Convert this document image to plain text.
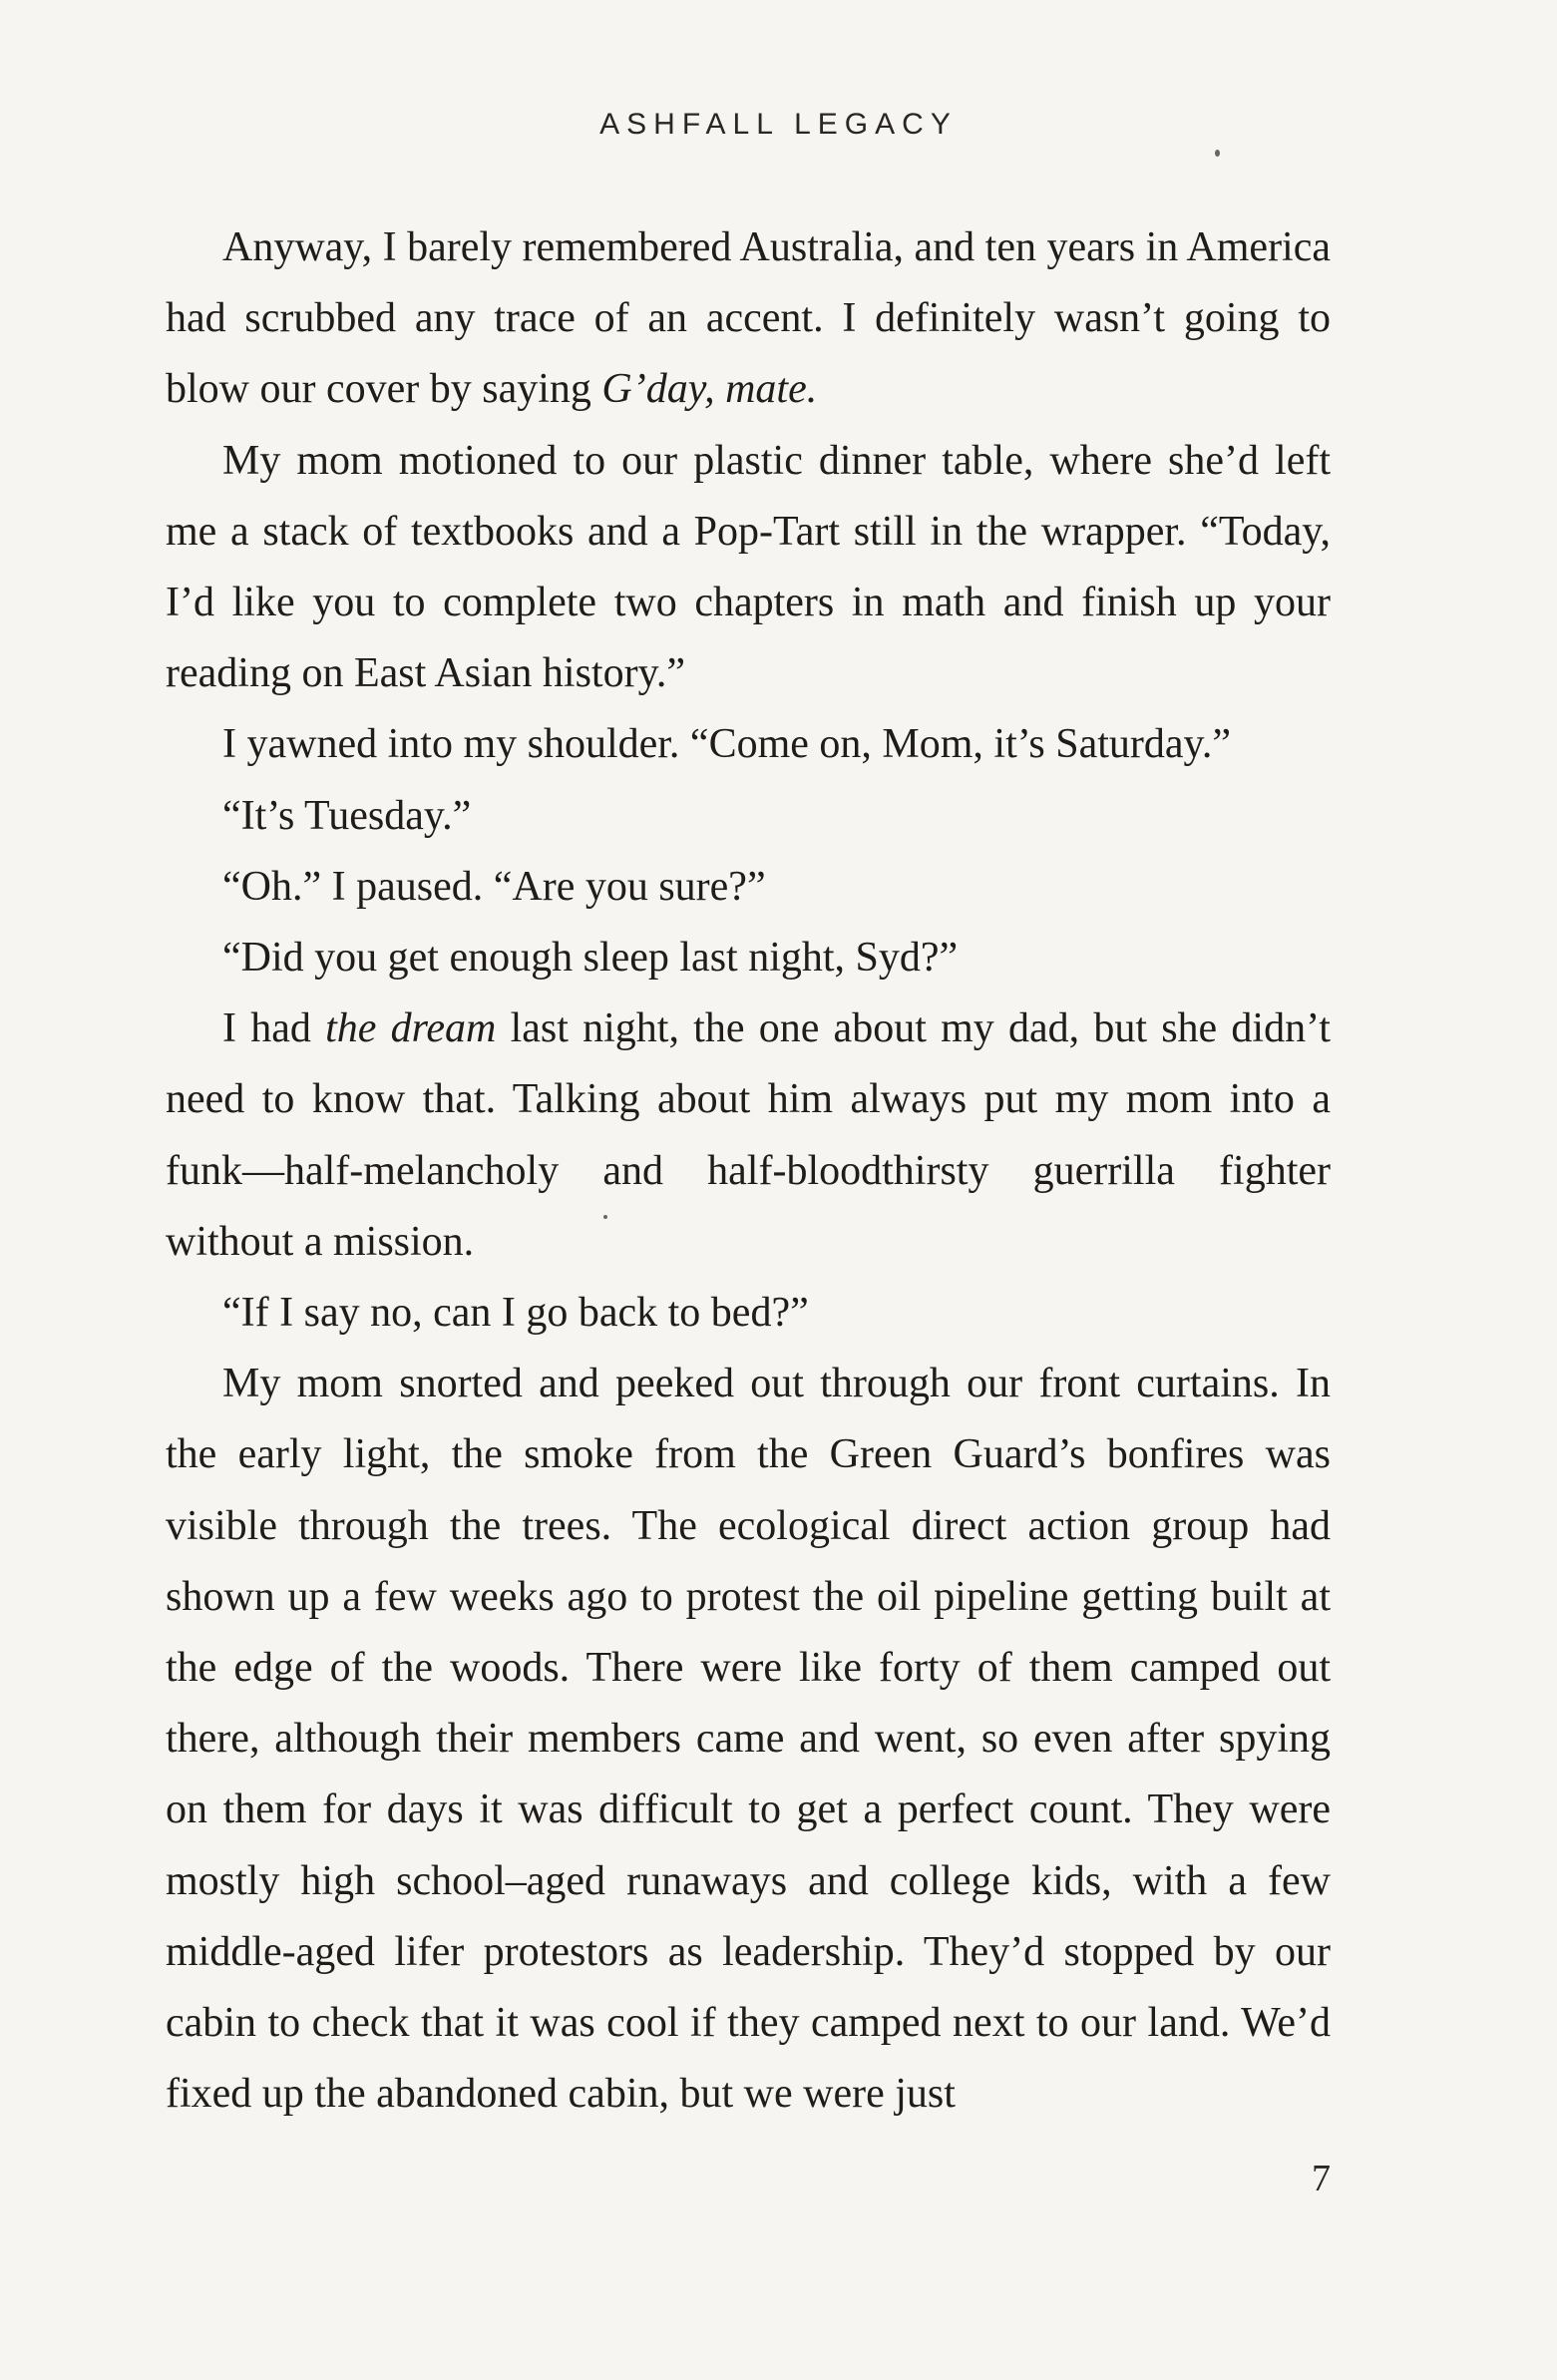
ASHFALL LEGACY

Anyway, I barely remembered Australia, and ten years in America had scrubbed any trace of an accent. I definitely wasn’t going to blow our cover by saying G’day, mate.

My mom motioned to our plastic dinner table, where she’d left me a stack of textbooks and a Pop-Tart still in the wrapper. “Today, I’d like you to complete two chapters in math and finish up your reading on East Asian history.”

I yawned into my shoulder. “Come on, Mom, it’s Saturday.”

“It’s Tuesday.”

“Oh.” I paused. “Are you sure?”

“Did you get enough sleep last night, Syd?”

I had the dream last night, the one about my dad, but she didn’t need to know that. Talking about him always put my mom into a funk—half-melancholy and half-bloodthirsty guerrilla fighter without a mission.

“If I say no, can I go back to bed?”

My mom snorted and peeked out through our front curtains. In the early light, the smoke from the Green Guard’s bonfires was visible through the trees. The ecological direct action group had shown up a few weeks ago to protest the oil pipeline getting built at the edge of the woods. There were like forty of them camped out there, although their members came and went, so even after spying on them for days it was difficult to get a perfect count. They were mostly high school–aged runaways and college kids, with a few middle-aged lifer protestors as leadership. They’d stopped by our cabin to check that it was cool if they camped next to our land. We’d fixed up the abandoned cabin, but we were just

7
